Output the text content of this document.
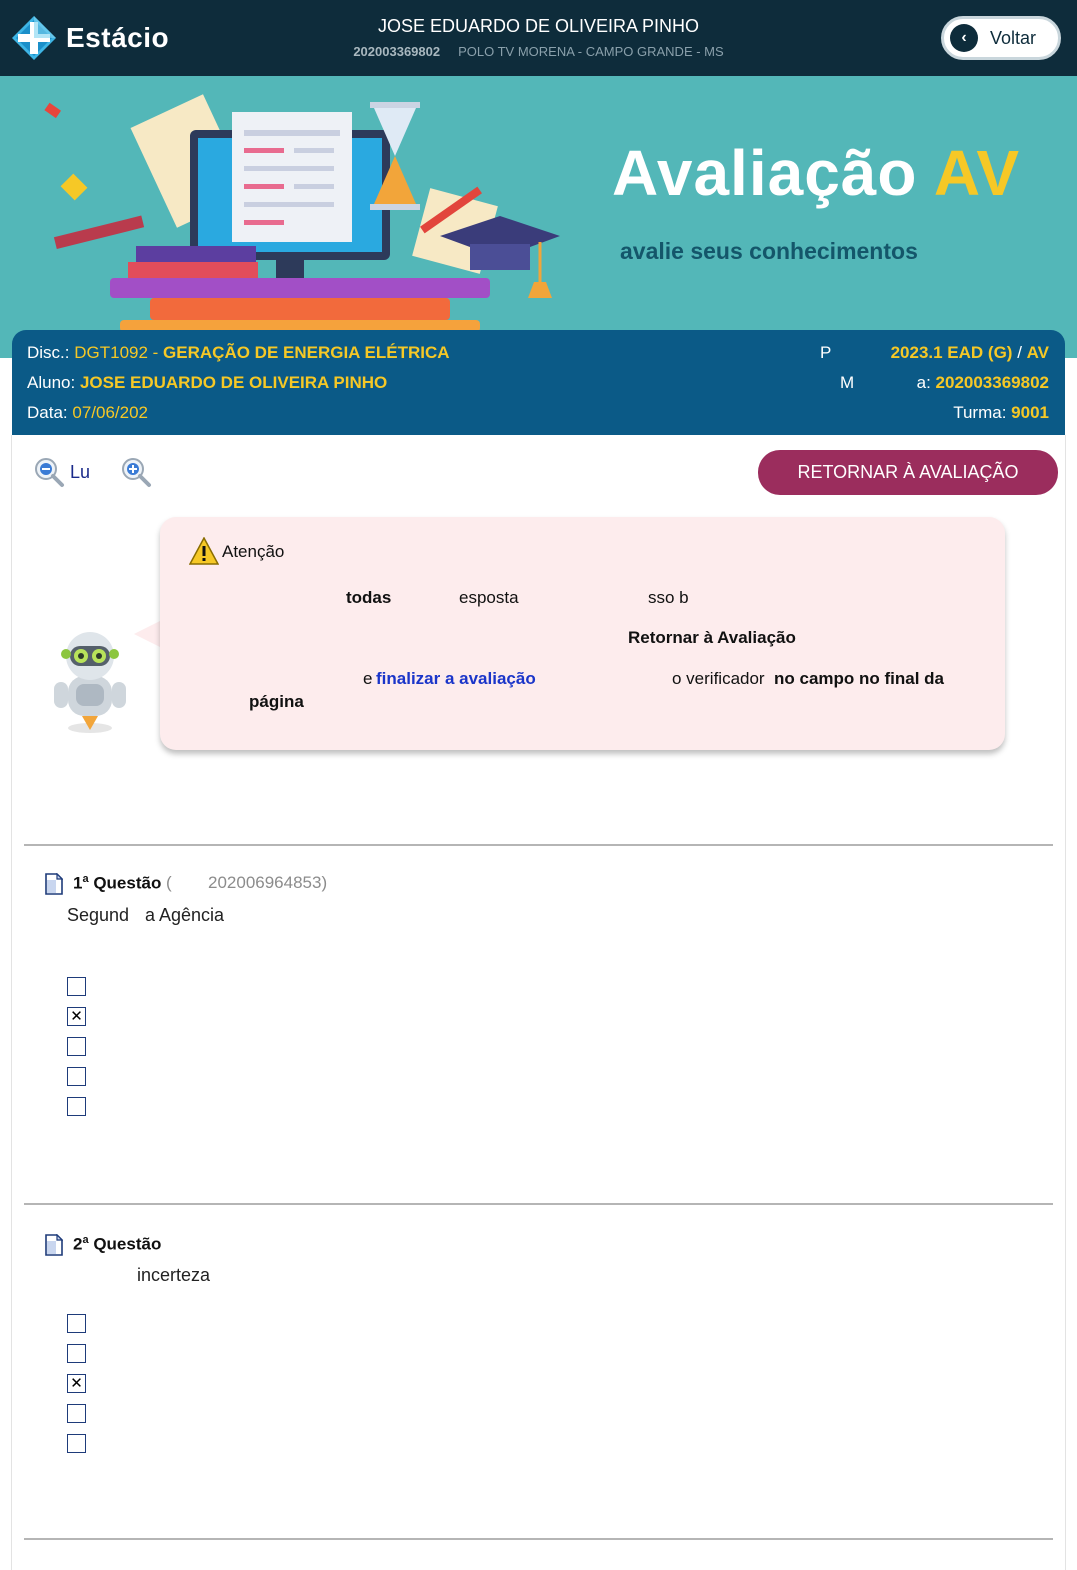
Estácio	JOSE EDUARDO DE OLIVEIRA PINHO
202003369802 POLO TV MORENA - CAMPO GRANDE - MS
‹	Voltar
Avaliação AV
avalie seus conhecimentos
Disc.: DGT1092 - GERAÇÃO DE ENERGIA ELÉTRICA
Aluno: JOSE EDUARDO DE OLIVEIRA PINHO
Data: 07/06/202
P	2023.1 EAD (G) / AV
M	a: 202003369802
Turma: 9001
Lu	RETORNAR À AVALIAÇÃO
Atenção
todas	esposta	sso b
Retornar à Avaliação
e finalizar a avaliação	o verificador no campo no final da
página
1$^a$ Questão ( 202006964853)
Segund a Agência
✕
2$^a$ Questão
incerteza
✕
